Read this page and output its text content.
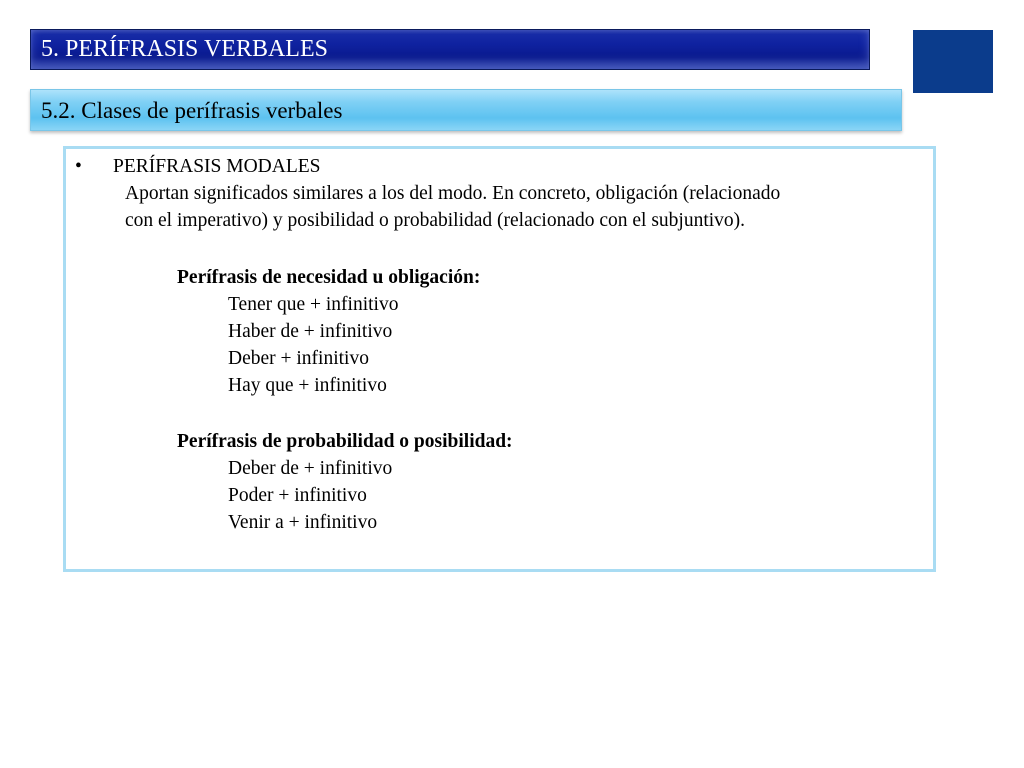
5. PERÍFRASIS VERBALES
5.2. Clases de perífrasis verbales
• PERÍFRASIS MODALES
Aportan significados similares a los del modo. En concreto, obligación (relacionado
con el imperativo) y posibilidad o probabilidad (relacionado con el subjuntivo).
Perífrasis de necesidad u obligación:
Tener que + infinitivo
Haber de + infinitivo
Deber + infinitivo
Hay que + infinitivo
Perífrasis de probabilidad o posibilidad:
Deber de + infinitivo
Poder + infinitivo
Venir a + infinitivo
